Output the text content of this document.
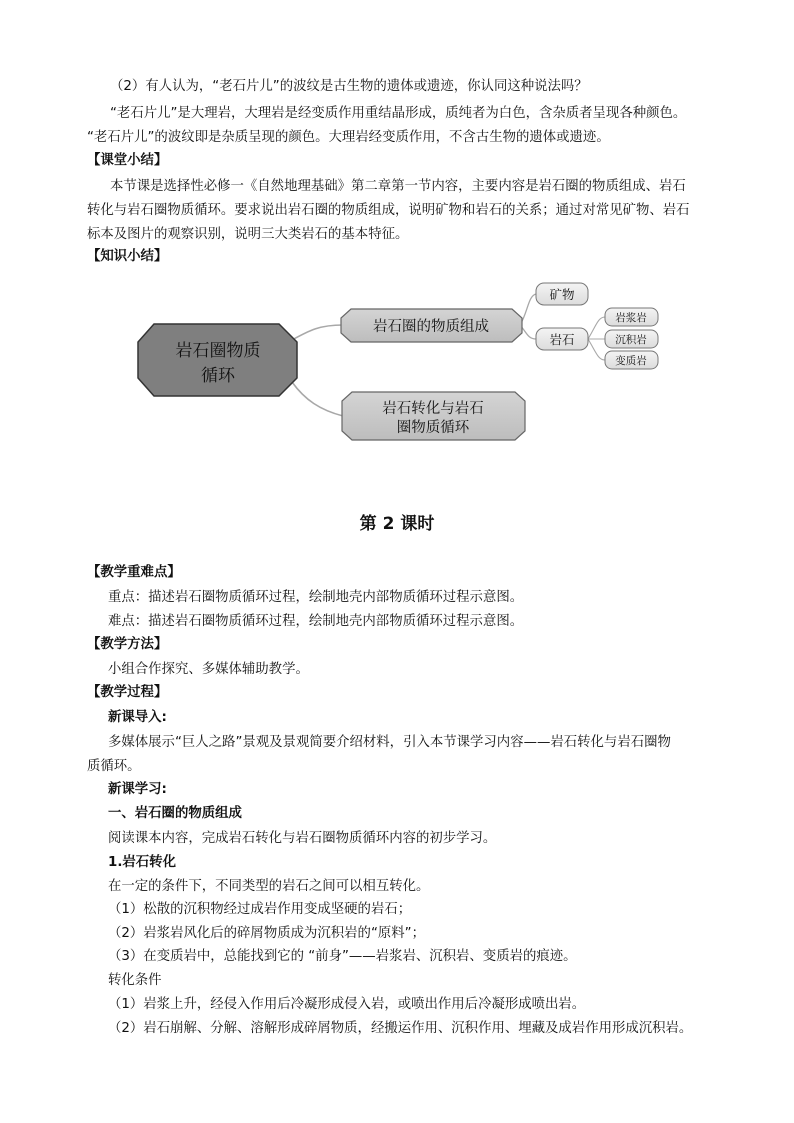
（2）有人认为，“老石片儿”的波纹是古生物的遗体或遗迹，你认同这种说法吗？
“老石片儿”是大理岩，大理岩是经变质作用重结晶形成，质纯者为白色，含杂质者呈现各种颜色。
“老石片儿”的波纹即是杂质呈现的颜色。大理岩经变质作用，不含古生物的遗体或遗迹。
【课堂小结】
本节课是选择性必修一《自然地理基础》第二章第一节内容，主要内容是岩石圈的物质组成、岩石
转化与岩石圈物质循环。要求说出岩石圈的物质组成，说明矿物和岩石的关系；通过对常见矿物、岩石
标本及图片的观察识别，说明三大类岩石的基本特征。
【知识小结】
岩石圈物质
循环
岩石圈的物质组成
岩石转化与岩石
圈物质循环
矿物
岩石
岩浆岩
沉积岩
变质岩
第 2 课时
【教学重难点】
重点：描述岩石圈物质循环过程，绘制地壳内部物质循环过程示意图。
难点：描述岩石圈物质循环过程，绘制地壳内部物质循环过程示意图。
【教学方法】
小组合作探究、多媒体辅助教学。
【教学过程】
新课导入:
多媒体展示“巨人之路”景观及景观简要介绍材料，引入本节课学习内容——岩石转化与岩石圈物
质循环。
新课学习:
一、岩石圈的物质组成
阅读课本内容，完成岩石转化与岩石圈物质循环内容的初步学习。
1.岩石转化
在一定的条件下，不同类型的岩石之间可以相互转化。
（1）松散的沉积物经过成岩作用变成坚硬的岩石；
（2）岩浆岩风化后的碎屑物质成为沉积岩的“原料”；
（3）在变质岩中，总能找到它的 “前身”——岩浆岩、沉积岩、变质岩的痕迹。
转化条件
（1）岩浆上升，经侵入作用后冷凝形成侵入岩，或喷出作用后冷凝形成喷出岩。
（2）岩石崩解、分解、溶解形成碎屑物质，经搬运作用、沉积作用、埋藏及成岩作用形成沉积岩。
